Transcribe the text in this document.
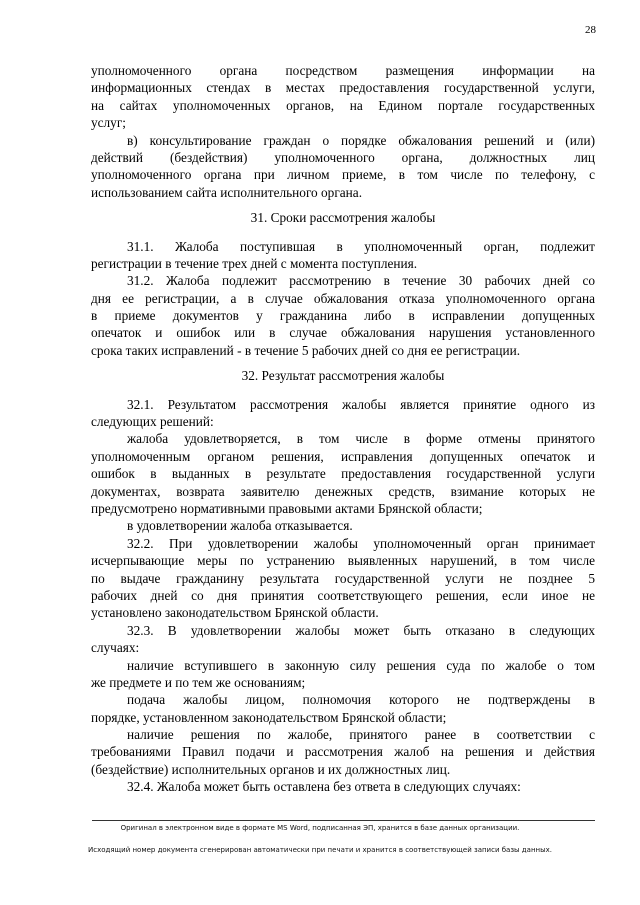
28
уполномоченного органа посредством размещения информации на
информационных стендах в местах предоставления государственной услуги,
на сайтах уполномоченных органов, на Едином портале государственных
услуг;
в) консультирование граждан о порядке обжалования решений и (или)
действий (бездействия) уполномоченного органа, должностных лиц
уполномоченного органа при личном приеме, в том числе по телефону, с
использованием сайта исполнительного органа.
31. Сроки рассмотрения жалобы
31.1. Жалоба поступившая в уполномоченный орган, подлежит
регистрации в течение трех дней с момента поступления.
31.2. Жалоба подлежит рассмотрению в течение 30 рабочих дней со
дня ее регистрации, а в случае обжалования отказа уполномоченного органа
в приеме документов у гражданина либо в исправлении допущенных
опечаток и ошибок или в случае обжалования нарушения установленного
срока таких исправлений - в течение 5 рабочих дней со дня ее регистрации.
32. Результат рассмотрения жалобы
32.1. Результатом рассмотрения жалобы является принятие одного из
следующих решений:
жалоба удовлетворяется, в том числе в форме отмены принятого
уполномоченным органом решения, исправления допущенных опечаток и
ошибок в выданных в результате предоставления государственной услуги
документах, возврата заявителю денежных средств, взимание которых не
предусмотрено нормативными правовыми актами Брянской области;
в удовлетворении жалоба отказывается.
32.2. При удовлетворении жалобы уполномоченный орган принимает
исчерпывающие меры по устранению выявленных нарушений, в том числе
по выдаче гражданину результата государственной услуги не позднее 5
рабочих дней со дня принятия соответствующего решения, если иное не
установлено законодательством Брянской области.
32.3. В удовлетворении жалобы может быть отказано в следующих
случаях:
наличие вступившего в законную силу решения суда по жалобе о том
же предмете и по тем же основаниям;
подача жалобы лицом, полномочия которого не подтверждены в
порядке, установленном законодательством Брянской области;
наличие решения по жалобе, принятого ранее в соответствии с
требованиями Правил подачи и рассмотрения жалоб на решения и действия
(бездействие) исполнительных органов и их должностных лиц.
32.4. Жалоба может быть оставлена без ответа в следующих случаях:
Оригинал в электронном виде в формате MS Word, подписанная ЭП, хранится в базе данных организации.
Исходящий номер документа сгенерирован автоматически при печати и хранится в соответствующей записи базы данных.
